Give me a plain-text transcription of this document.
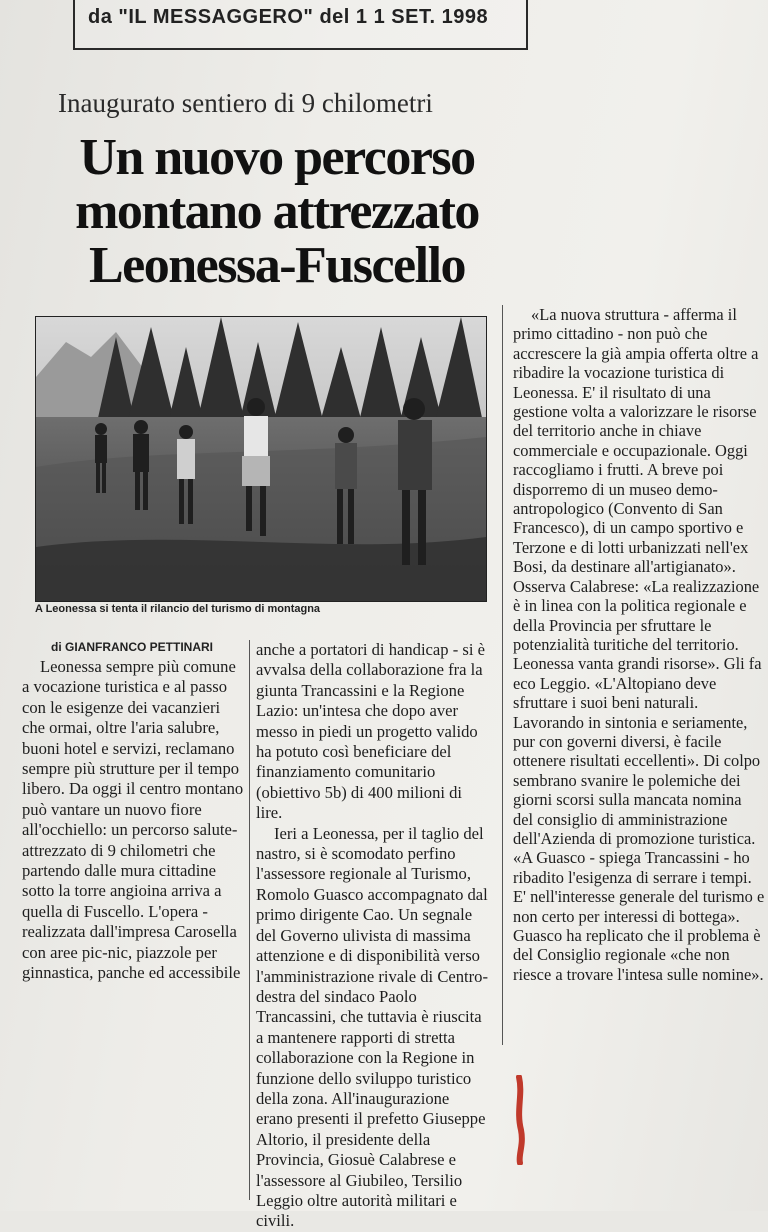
da "IL MESSAGGERO" del 1 1 SET. 1998
Inaugurato sentiero di 9 chilometri
Un nuovo percorso
montano attrezzato
Leonessa-Fuscello
A Leonessa si tenta il rilancio del turismo di montagna
di GIANFRANCO PETTINARI

Leonessa sempre più comune a vocazione turistica e al passo con le esigenze dei vacanzieri che ormai, oltre l'aria salubre, buoni hotel e servizi, reclamano sempre più strutture per il tempo libero. Da oggi il centro montano può vantare un nuovo fiore all'occhiello: un percorso salute-attrezzato di 9 chilometri che partendo dalle mura cittadine sotto la torre angioina arriva a quella di Fuscello. L'opera - realizzata dall'impresa Carosella con aree pic-nic, piazzole per ginnastica, panche ed accessibile

anche a portatori di handicap - si è avvalsa della collaborazione fra la giunta Trancassini e la Regione Lazio: un'intesa che dopo aver messo in piedi un progetto valido ha potuto così beneficiare del finanziamento comunitario (obiettivo 5b) di 400 milioni di lire.

Ieri a Leonessa, per il taglio del nastro, si è scomodato perfino l'assessore regionale al Turismo, Romolo Guasco accompagnato dal primo dirigente Cao. Un segnale del Governo ulivista di massima attenzione e di disponibilità verso l'amministrazione rivale di Centro-destra del sindaco Paolo Trancassini, che tuttavia è riuscita a mantenere rapporti di stretta collaborazione con la Regione in funzione dello sviluppo turistico della zona. All'inaugurazione erano presenti il prefetto Giuseppe Altorio, il presidente della Provincia, Giosuè Calabrese e l'assessore al Giubileo, Tersilio Leggio oltre autorità militari e civili.

«La nuova struttura - afferma il primo cittadino - non può che accrescere la già ampia offerta oltre a ribadire la vocazione turistica di Leonessa. E' il risultato di una gestione volta a valorizzare le risorse del territorio anche in chiave commerciale e occupazionale. Oggi raccogliamo i frutti. A breve poi disporremo di un museo demo-antropologico (Convento di San Francesco), di un campo sportivo e Terzone e di lotti urbanizzati nell'ex Bosi, da destinare all'artigianato». Osserva Calabrese: «La realizzazione è in linea con la politica regionale e della Provincia per sfruttare le potenzialità turitiche del territorio. Leonessa vanta grandi risorse». Gli fa eco Leggio. «L'Altopiano deve sfruttare i suoi beni naturali. Lavorando in sintonia e seriamente, pur con governi diversi, è facile ottenere risultati eccellenti». Di colpo sembrano svanire le polemiche dei giorni scorsi sulla mancata nomina del consiglio di amministrazione dell'Azienda di promozione turistica. «A Guasco - spiega Trancassini - ho ribadito l'esigenza di serrare i tempi. E' nell'interesse generale del turismo e non certo per interessi di bottega». Guasco ha replicato che il problema è del Consiglio regionale «che non riesce a trovare l'intesa sulle nomine».
